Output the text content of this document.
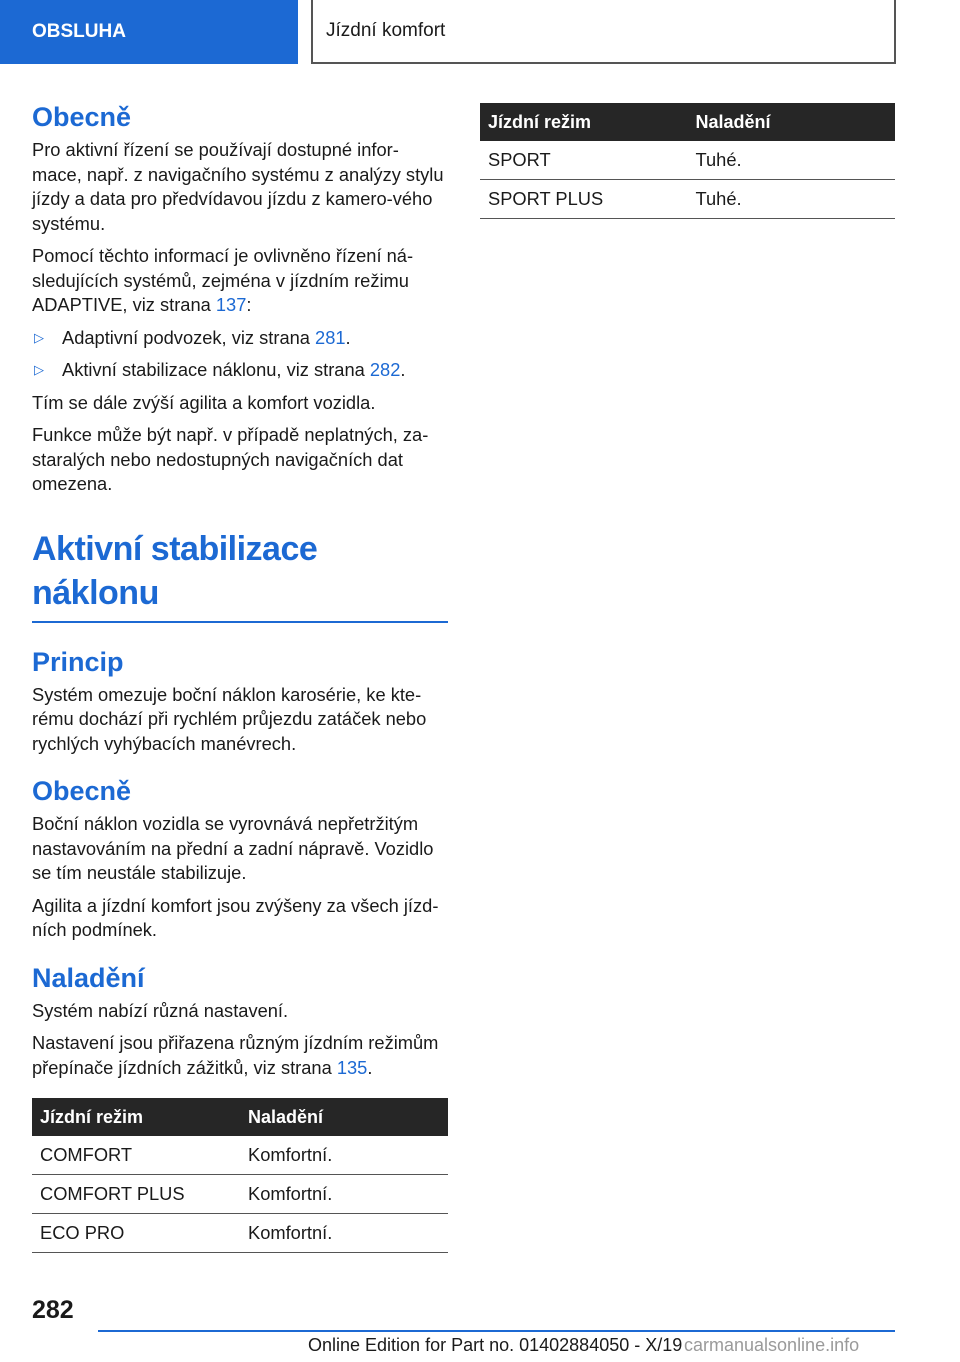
OBSLUHA	Jízdní komfort
Obecně

Pro aktivní řízení se používají dostupné infor-mace, např. z navigačního systému z analýzy stylu jízdy a data pro předvídavou jízdu z kamero-vého systému.

Pomocí těchto informací je ovlivněno řízení ná-sledujících systémů, zejména v jízdním režimu ADAPTIVE, viz strana 137:

▷ Adaptivní podvozek, viz strana 281.
▷ Aktivní stabilizace náklonu, viz strana 282.

Tím se dále zvýší agilita a komfort vozidla.

Funkce může být např. v případě neplatných, za-staralých nebo nedostupných navigačních dat omezena.

Aktivní stabilizace náklonu
Princip

Systém omezuje boční náklon karosérie, ke kte-rému dochází při rychlém průjezdu zatáček nebo rychlých vyhýbacích manévrech.

Obecně

Boční náklon vozidla se vyrovnává nepřetržitým nastavováním na přední a zadní nápravě. Vozidlo se tím neustále stabilizuje.

Agilita a jízdní komfort jsou zvýšeny za všech jízd-ních podmínek.

Naladění

Systém nabízí různá nastavení.

Nastavení jsou přiřazena různým jízdním režimům přepínače jízdních zážitků, viz strana 135.

Jízdní režim	Naladění
COMFORT	Komfortní.
COMFORT PLUS	Komfortní.
ECO PRO	Komfortní.
Jízdní režim	Naladění
SPORT	Tuhé.
SPORT PLUS	Tuhé.
282
Online Edition for Part no. 01402884050 - X/19 carmanualsonline.info
